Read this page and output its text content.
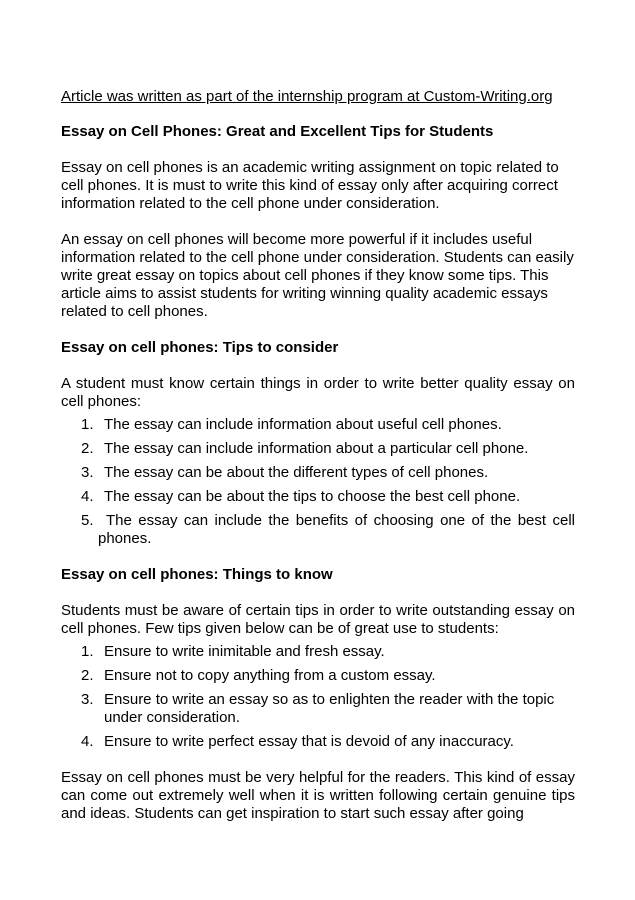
Article was written as part of the internship program at Custom-Writing.org
Essay on Cell Phones: Great and Excellent Tips for Students

Essay on cell phones is an academic writing assignment on topic related to cell phones. It is must to write this kind of essay only after acquiring correct information related to the cell phone under consideration.

An essay on cell phones will become more powerful if it includes useful information related to the cell phone under consideration. Students can easily write great essay on topics about cell phones if they know some tips. This article aims to assist students for writing winning quality academic essays related to cell phones.

Essay on cell phones: Tips to consider

A student must know certain things in order to write better quality essay on cell phones:

1. The essay can include information about useful cell phones.
2. The essay can include information about a particular cell phone.
3. The essay can be about the different types of cell phones.
4. The essay can be about the tips to choose the best cell phone.
5. The essay can include the benefits of choosing one of the best cell phones.
Essay on cell phones: Things to know

Students must be aware of certain tips in order to write outstanding essay on cell phones. Few tips given below can be of great use to students:

1. Ensure to write inimitable and fresh essay.
2. Ensure not to copy anything from a custom essay.
3. Ensure to write an essay so as to enlighten the reader with the topic under consideration.
4. Ensure to write perfect essay that is devoid of any inaccuracy.

Essay on cell phones must be very helpful for the readers. This kind of essay can come out extremely well when it is written following certain genuine tips and ideas. Students can get inspiration to start such essay after going
